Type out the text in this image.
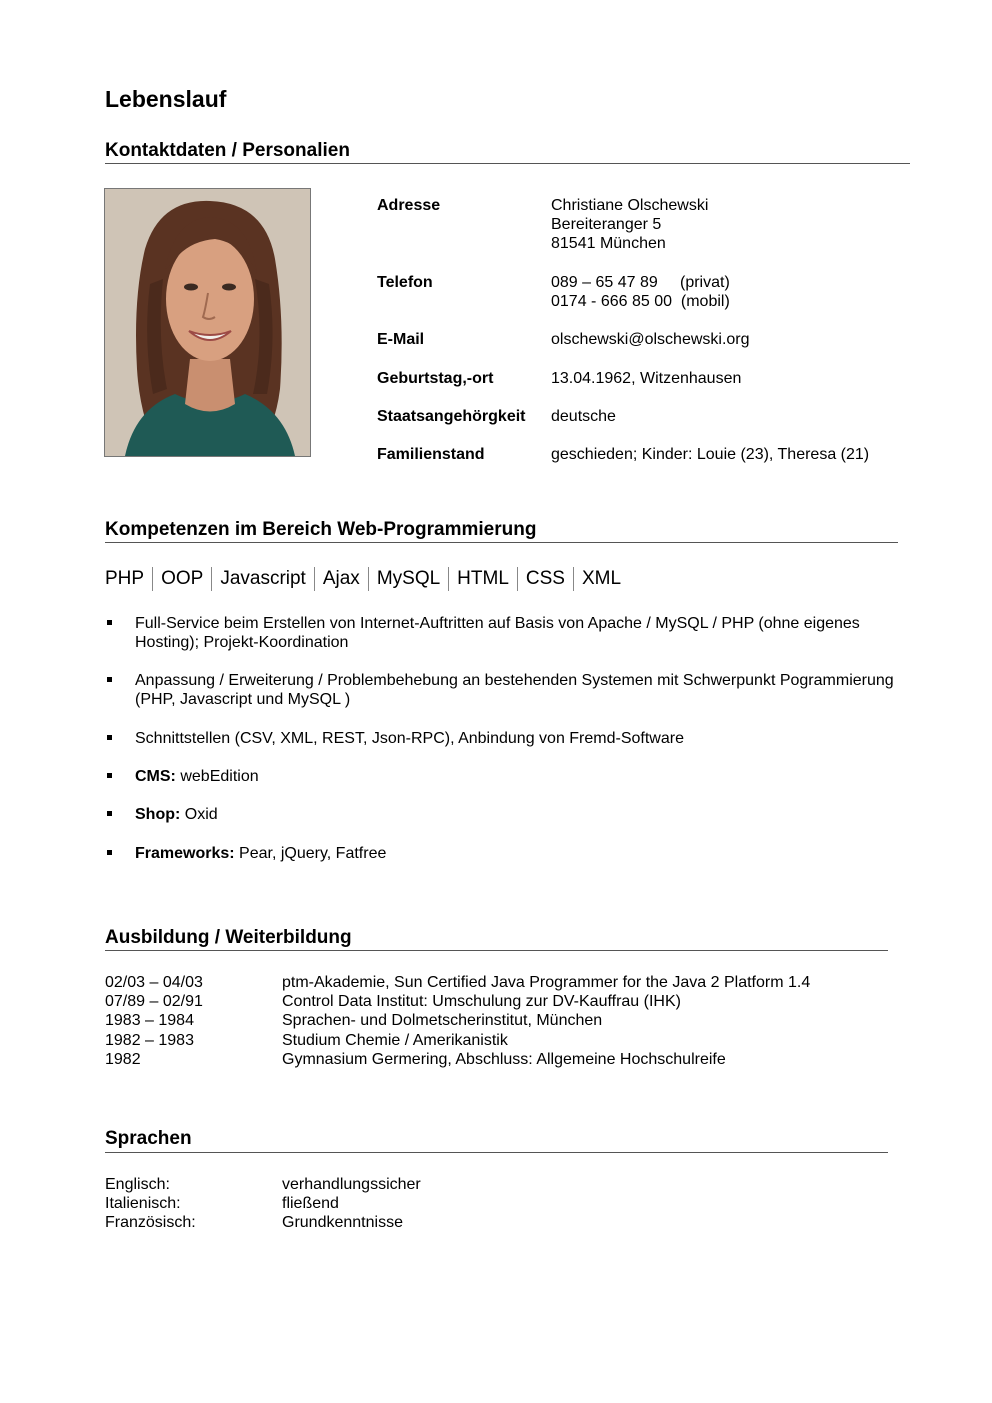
Lebenslauf
Kontaktdaten / Personalien
Adresse	Christiane Olschewski
Bereiteranger 5
81541 München
Telefon	089 – 65 47 89     (privat)
0174 - 666 85 00  (mobil)
E-Mail	olschewski@olschewski.org
Geburtstag,-ort	13.04.1962, Witzenhausen
Staatsangehörgkeit deutsche
Familienstand	geschieden; Kinder: Louie (23), Theresa (21)
Kompetenzen im Bereich Web-Programmierung
PHP OOP Javascript Ajax MySQL HTML CSS XML
Full-Service beim Erstellen von Internet-Auftritten auf Basis von Apache / MySQL / PHP (ohne eigenes Hosting); Projekt-Koordination
Anpassung / Erweiterung / Problembehebung an bestehenden Systemen mit Schwerpunkt Pogrammierung (PHP, Javascript und MySQL )
Schnittstellen (CSV, XML, REST, Json-RPC), Anbindung von Fremd-Software
CMS: webEdition
Shop: Oxid
Frameworks: Pear, jQuery, Fatfree
Ausbildung / Weiterbildung
02/03 – 04/03	ptm-Akademie, Sun Certified Java Programmer for the Java 2 Platform 1.4
07/89 – 02/91	Control Data Institut: Umschulung zur DV-Kauffrau (IHK)
1983 – 1984	Sprachen- und Dolmetscherinstitut, München
1982 – 1983	Studium Chemie / Amerikanistik
1982	Gymnasium Germering, Abschluss: Allgemeine Hochschulreife
Sprachen
Englisch:	verhandlungssicher
Italienisch:	fließend
Französisch:	Grundkenntnisse
